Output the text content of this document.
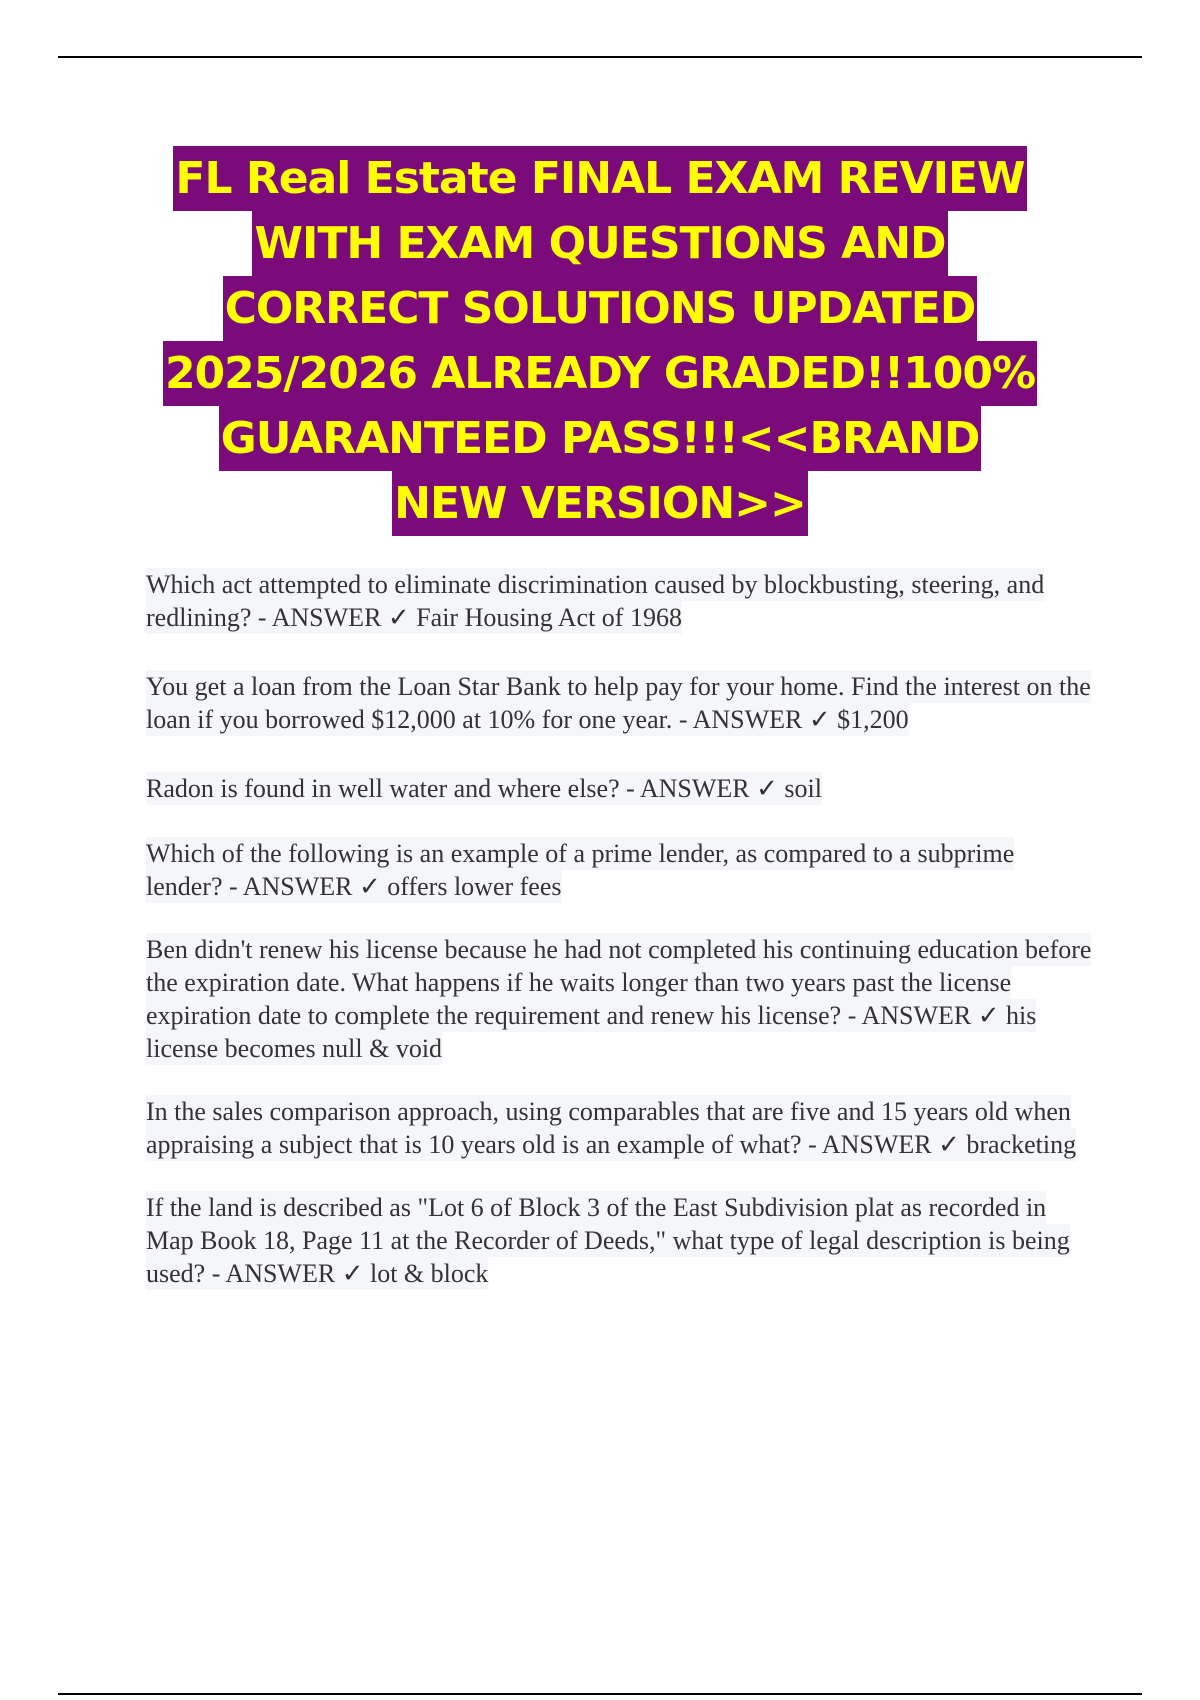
FL Real Estate FINAL EXAM REVIEW
WITH EXAM QUESTIONS AND
CORRECT SOLUTIONS UPDATED
2025/2026 ALREADY GRADED!!100%
GUARANTEED PASS!!!<<BRAND
NEW VERSION>>

Which act attempted to eliminate discrimination caused by blockbusting, steering, and redlining? - ANSWER ✓ Fair Housing Act of 1968

You get a loan from the Loan Star Bank to help pay for your home. Find the interest on the loan if you borrowed $12,000 at 10% for one year. - ANSWER ✓ $1,200

Radon is found in well water and where else? - ANSWER ✓ soil

Which of the following is an example of a prime lender, as compared to a subprime lender? - ANSWER ✓ offers lower fees

Ben didn't renew his license because he had not completed his continuing education before the expiration date. What happens if he waits longer than two years past the license expiration date to complete the requirement and renew his license? - ANSWER ✓ his license becomes null & void

In the sales comparison approach, using comparables that are five and 15 years old when appraising a subject that is 10 years old is an example of what? - ANSWER ✓ bracketing

If the land is described as "Lot 6 of Block 3 of the East Subdivision plat as recorded in Map Book 18, Page 11 at the Recorder of Deeds," what type of legal description is being used? - ANSWER ✓ lot & block
